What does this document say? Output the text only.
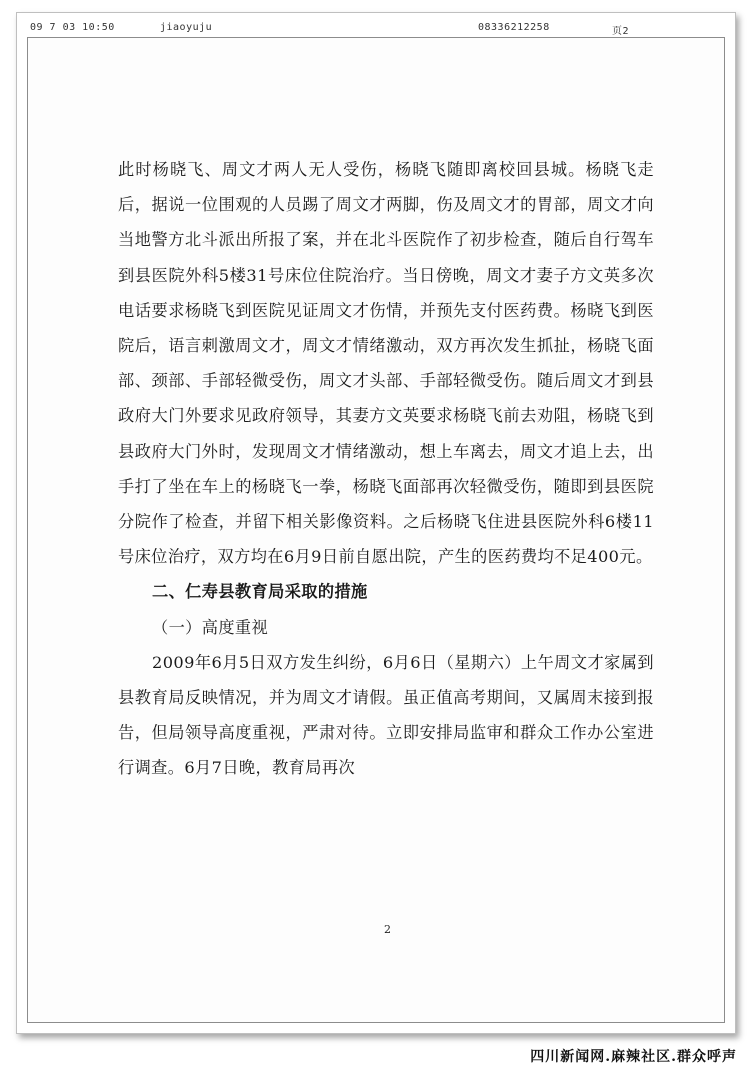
09 7 03 10:50	jiaoyuju	08336212258	页2

此时杨晓飞、周文才两人无人受伤，杨晓飞随即离校回县城。杨晓飞走后，据说一位围观的人员踢了周文才两脚，伤及周文才的胃部，周文才向当地警方北斗派出所报了案，并在北斗医院作了初步检查，随后自行驾车到县医院外科5楼31号床位住院治疗。当日傍晚，周文才妻子方文英多次电话要求杨晓飞到医院见证周文才伤情，并预先支付医药费。杨晓飞到医院后，语言刺激周文才，周文才情绪激动，双方再次发生抓扯，杨晓飞面部、颈部、手部轻微受伤，周文才头部、手部轻微受伤。随后周文才到县政府大门外要求见政府领导，其妻方文英要求杨晓飞前去劝阻，杨晓飞到县政府大门外时，发现周文才情绪激动，想上车离去，周文才追上去，出手打了坐在车上的杨晓飞一拳，杨晓飞面部再次轻微受伤，随即到县医院分院作了检查，并留下相关影像资料。之后杨晓飞住进县医院外科6楼11号床位治疗，双方均在6月9日前自愿出院，产生的医药费均不足400元。

二、仁寿县教育局采取的措施

（一）高度重视

2009年6月5日双方发生纠纷，6月6日（星期六）上午周文才家属到县教育局反映情况，并为周文才请假。虽正值高考期间，又属周末接到报告，但局领导高度重视，严肃对待。立即安排局监审和群众工作办公室进行调查。6月7日晚，教育局再次

2
四川新闻网.麻辣社区.群众呼声
